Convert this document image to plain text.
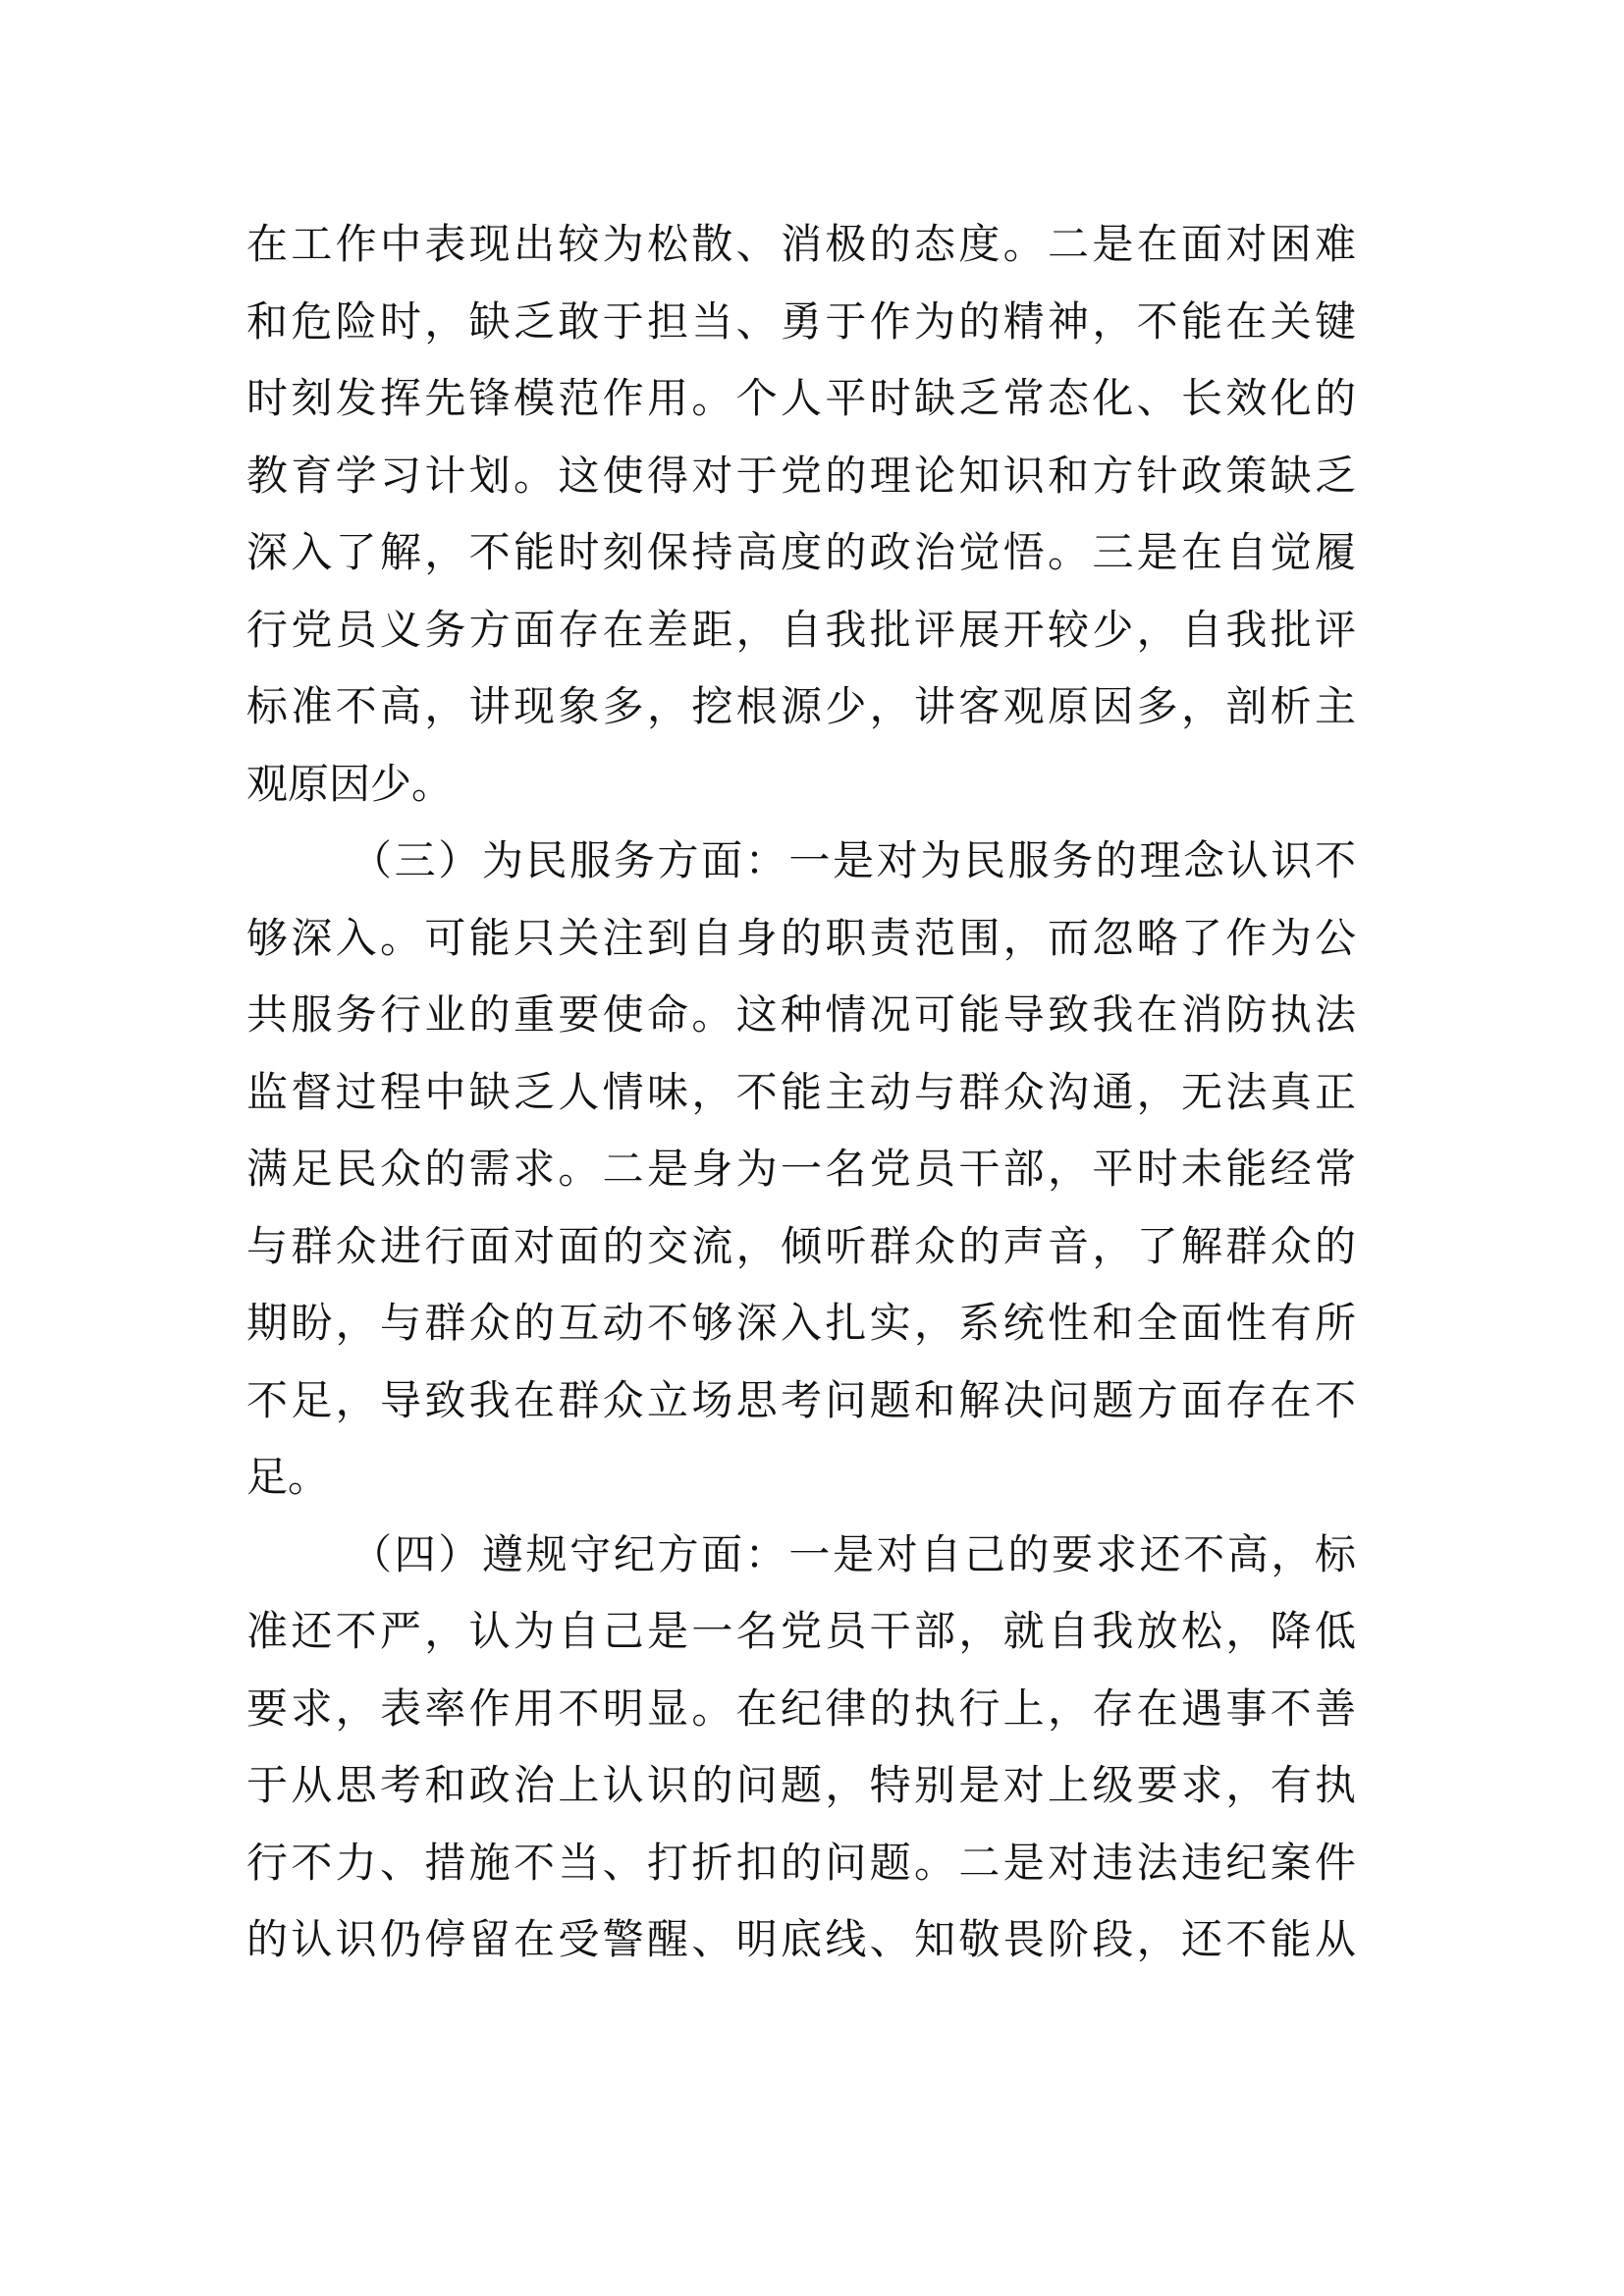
在工作中表现出较为松散、消极的态度。二是在面对困难
和危险时，缺乏敢于担当、勇于作为的精神，不能在关键
时刻发挥先锋模范作用。个人平时缺乏常态化、长效化的
教育学习计划。这使得对于党的理论知识和方针政策缺乏
深入了解，不能时刻保持高度的政治觉悟。三是在自觉履
行党员义务方面存在差距，自我批评展开较少，自我批评
标准不高，讲现象多，挖根源少，讲客观原因多，剖析主
观原因少。
（三）为民服务方面：一是对为民服务的理念认识不
够深入。可能只关注到自身的职责范围，而忽略了作为公
共服务行业的重要使命。这种情况可能导致我在消防执法
监督过程中缺乏人情味，不能主动与群众沟通，无法真正
满足民众的需求。二是身为一名党员干部，平时未能经常
与群众进行面对面的交流，倾听群众的声音，了解群众的
期盼，与群众的互动不够深入扎实，系统性和全面性有所
不足，导致我在群众立场思考问题和解决问题方面存在不
足。
（四）遵规守纪方面：一是对自己的要求还不高，标
准还不严，认为自己是一名党员干部，就自我放松，降低
要求，表率作用不明显。在纪律的执行上，存在遇事不善
于从思考和政治上认识的问题，特别是对上级要求，有执
行不力、措施不当、打折扣的问题。二是对违法违纪案件
的认识仍停留在受警醒、明底线、知敬畏阶段，还不能从
